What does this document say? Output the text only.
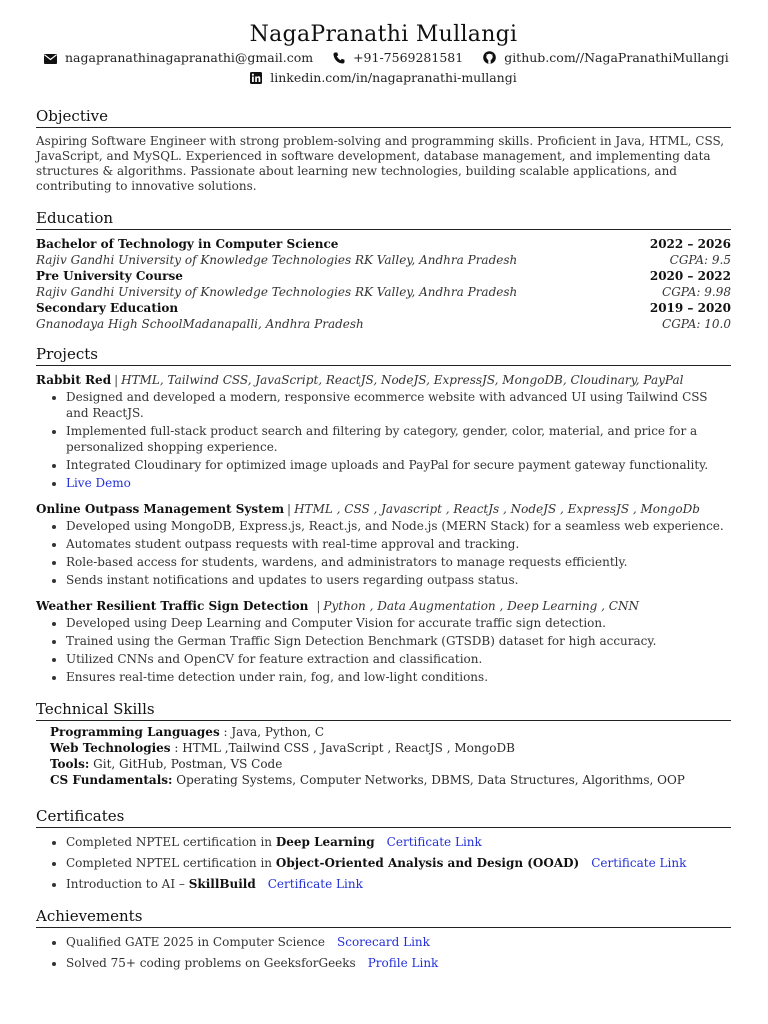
NagaPranathi Mullangi
nagapranathinagapranathi@gmail.com	+91-7569281581	github.com//NagaPranathiMullangi
linkedin.com/in/nagapranathi-mullangi
Objective
Aspiring Software Engineer with strong problem-solving and programming skills. Proficient in Java, HTML, CSS, JavaScript, and MySQL. Experienced in software development, database management, and implementing data structures & algorithms. Passionate about learning new technologies, building scalable applications, and contributing to innovative solutions.
Education
Bachelor of Technology in Computer Science	2022 – 2026
Rajiv Gandhi University of Knowledge Technologies RK Valley, Andhra Pradesh	CGPA: 9.5
Pre University Course	2020 – 2022
Rajiv Gandhi University of Knowledge Technologies RK Valley, Andhra Pradesh	CGPA: 9.98
Secondary Education	2019 – 2020
Gnanodaya High SchoolMadanapalli, Andhra Pradesh	CGPA: 10.0
Projects
Rabbit Red | HTML, Tailwind CSS, JavaScript, ReactJS, NodeJS, ExpressJS, MongoDB, Cloudinary, PayPal
• Designed and developed a modern, responsive ecommerce website with advanced UI using Tailwind CSS and ReactJS.
• Implemented full-stack product search and filtering by category, gender, color, material, and price for a personalized shopping experience.
• Integrated Cloudinary for optimized image uploads and PayPal for secure payment gateway functionality.
• Live Demo
Online Outpass Management System | HTML , CSS , Javascript , ReactJs , NodeJS , ExpressJS , MongoDb
• Developed using MongoDB, Express.js, React.js, and Node.js (MERN Stack) for a seamless web experience.
• Automates student outpass requests with real-time approval and tracking.
• Role-based access for students, wardens, and administrators to manage requests efficiently.
• Sends instant notifications and updates to users regarding outpass status.
Weather Resilient Traffic Sign Detection | Python , Data Augmentation , Deep Learning , CNN
• Developed using Deep Learning and Computer Vision for accurate traffic sign detection.
• Trained using the German Traffic Sign Detection Benchmark (GTSDB) dataset for high accuracy.
• Utilized CNNs and OpenCV for feature extraction and classification.
• Ensures real-time detection under rain, fog, and low-light conditions.
Technical Skills
Programming Languages : Java, Python, C
Web Technologies : HTML ,Tailwind CSS , JavaScript , ReactJS , MongoDB
Tools: Git, GitHub, Postman, VS Code
CS Fundamentals: Operating Systems, Computer Networks, DBMS, Data Structures, Algorithms, OOP
Certificates
• Completed NPTEL certification in Deep Learning Certificate Link
• Completed NPTEL certification in Object-Oriented Analysis and Design (OOAD) Certificate Link
• Introduction to AI – SkillBuild Certificate Link
Achievements
• Qualified GATE 2025 in Computer Science Scorecard Link
• Solved 75+ coding problems on GeeksforGeeks Profile Link
